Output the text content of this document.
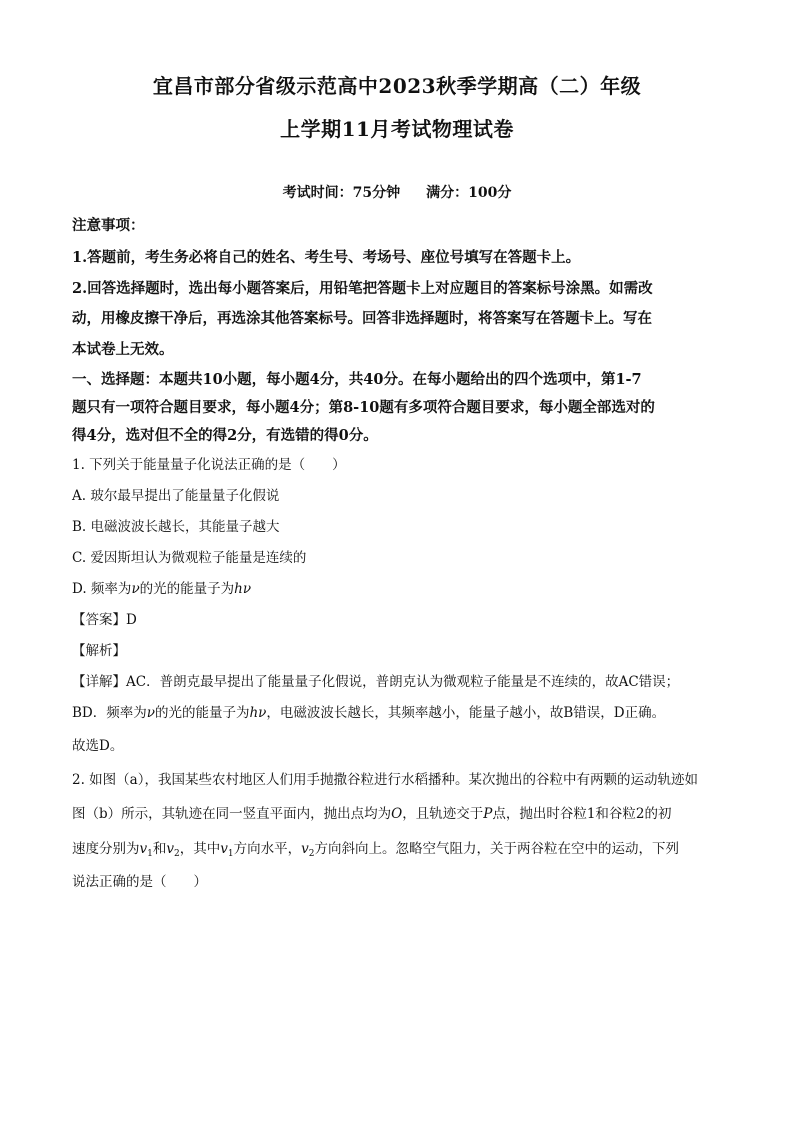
宜昌市部分省级示范高中2023秋季学期高（二）年级
上学期11月考试物理试卷
考试时间：75分钟 满分：100分
注意事项：
1.答题前，考生务必将自己的姓名、考生号、考场号、座位号填写在答题卡上。
2.回答选择题时，选出每小题答案后，用铅笔把答题卡上对应题目的答案标号涂黑。如需改
动，用橡皮擦干净后，再选涂其他答案标号。回答非选择题时，将答案写在答题卡上。写在
本试卷上无效。
一、选择题：本题共10小题，每小题4分，共40分。在每小题给出的四个选项中，第1-7
题只有一项符合题目要求，每小题4分；第8-10题有多项符合题目要求，每小题全部选对的
得4分，选对但不全的得2分，有选错的得0分。
1. 下列关于能量量子化说法正确的是（　　）
A. 玻尔最早提出了能量量子化假说
B. 电磁波波长越长，其能量子越大
C. 爱因斯坦认为微观粒子能量是连续的
D. 频率为ν的光的能量子为hν
【答案】D
【解析】
【详解】AC．普朗克最早提出了能量量子化假说，普朗克认为微观粒子能量是不连续的，故AC错误；
BD．频率为ν的光的能量子为hν，电磁波波长越长，其频率越小，能量子越小，故B错误，D正确。
故选D。
2. 如图（a），我国某些农村地区人们用手抛撒谷粒进行水稻播种。某次抛出的谷粒中有两颗的运动轨迹如
图（b）所示，其轨迹在同一竖直平面内，抛出点均为O，且轨迹交于P点，抛出时谷粒1和谷粒2的初
速度分别为$v_1$和$v_2$，其中$v_1$方向水平，$v_2$方向斜向上。忽略空气阻力，关于两谷粒在空中的运动，下列
说法正确的是（　　）
